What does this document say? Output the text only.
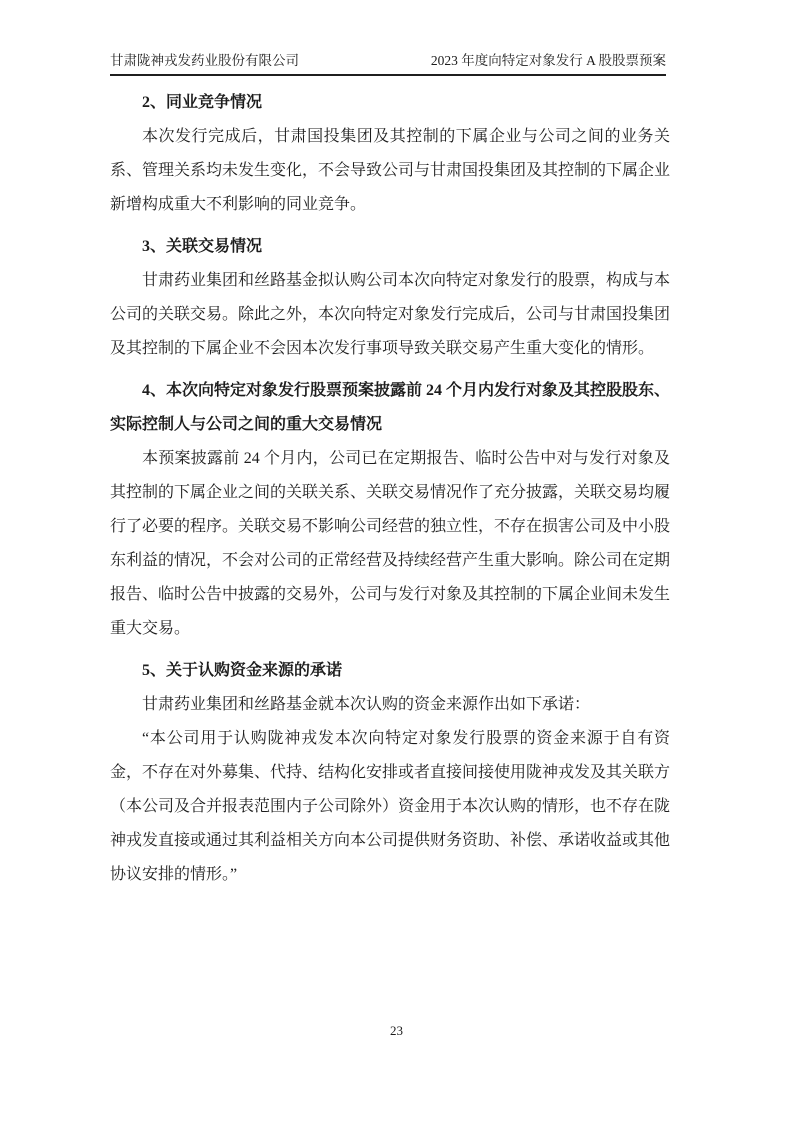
甘肃陇神戎发药业股份有限公司	2023 年度向特定对象发行 A 股股票预案

2、同业竞争情况

本次发行完成后，甘肃国投集团及其控制的下属企业与公司之间的业务关系、管理关系均未发生变化，不会导致公司与甘肃国投集团及其控制的下属企业新增构成重大不利影响的同业竞争。

3、关联交易情况

甘肃药业集团和丝路基金拟认购公司本次向特定对象发行的股票，构成与本公司的关联交易。除此之外，本次向特定对象发行完成后，公司与甘肃国投集团及其控制的下属企业不会因本次发行事项导致关联交易产生重大变化的情形。

4、本次向特定对象发行股票预案披露前 24 个月内发行对象及其控股股东、实际控制人与公司之间的重大交易情况

本预案披露前 24 个月内，公司已在定期报告、临时公告中对与发行对象及其控制的下属企业之间的关联关系、关联交易情况作了充分披露，关联交易均履行了必要的程序。关联交易不影响公司经营的独立性，不存在损害公司及中小股东利益的情况，不会对公司的正常经营及持续经营产生重大影响。除公司在定期报告、临时公告中披露的交易外，公司与发行对象及其控制的下属企业间未发生重大交易。

5、关于认购资金来源的承诺

甘肃药业集团和丝路基金就本次认购的资金来源作出如下承诺：

“本公司用于认购陇神戎发本次向特定对象发行股票的资金来源于自有资金，不存在对外募集、代持、结构化安排或者直接间接使用陇神戎发及其关联方（本公司及合并报表范围内子公司除外）资金用于本次认购的情形，也不存在陇神戎发直接或通过其利益相关方向本公司提供财务资助、补偿、承诺收益或其他协议安排的情形。”

23
